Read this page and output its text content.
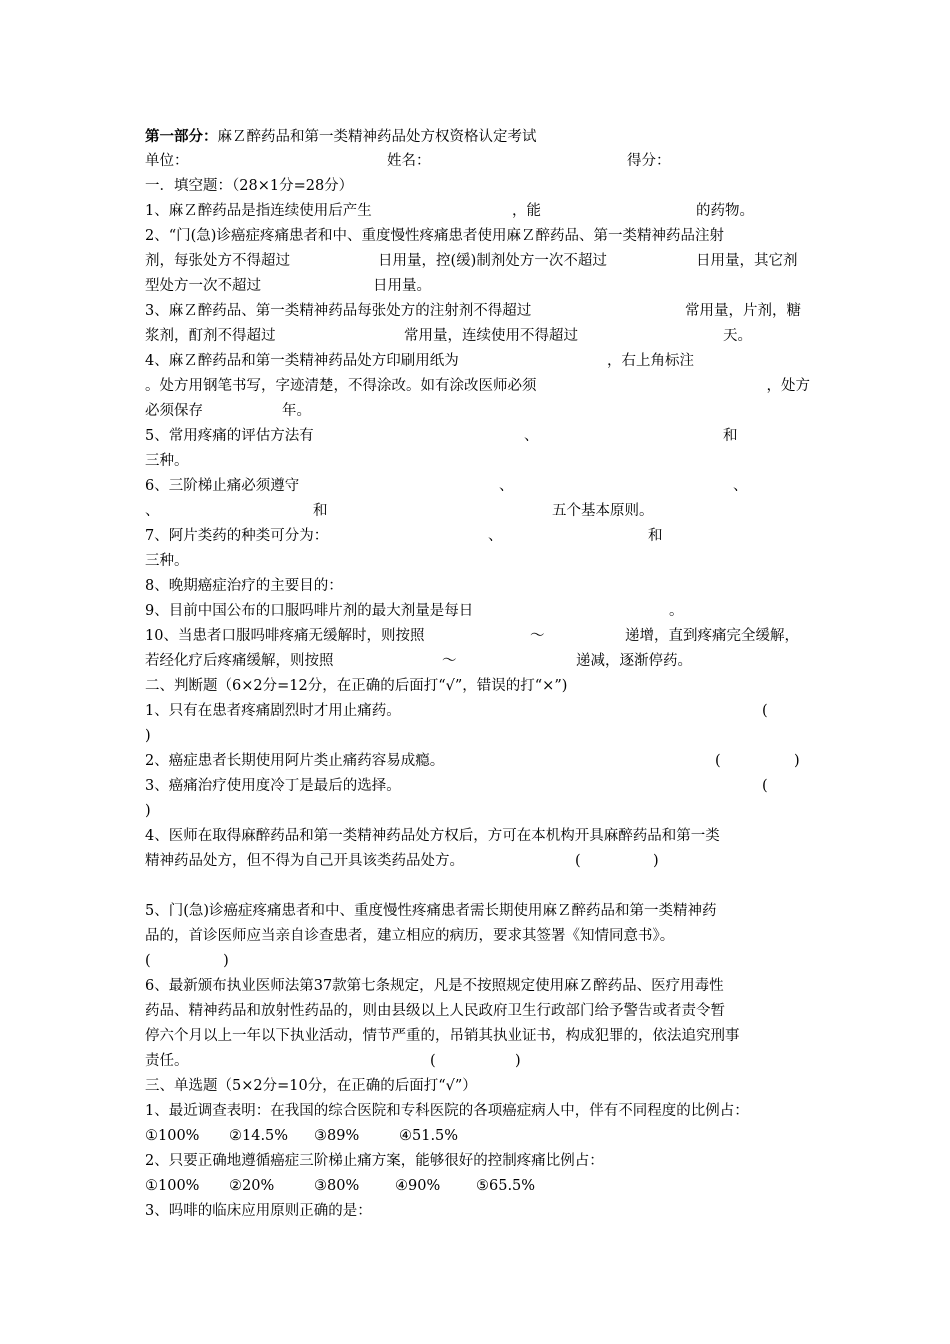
第一部分：麻Ｚ醉药品和第一类精神药品处方权资格认定考试
单位：	姓名：	得分：
一．填空题：（28×1分=28分）
1、麻Ｚ醉药品是指连续使用后产生	，能	的药物。
2、“门(急)诊癌症疼痛患者和中、重度慢性疼痛患者使用麻Ｚ醉药品、第一类精神药品注射
剂，每张处方不得超过	日用量，控(缓)制剂处方一次不超过	日用量，其它剂
型处方一次不超过	日用量。
3、麻Ｚ醉药品、第一类精神药品每张处方的注射剂不得超过	常用量，片剂，糖
浆剂，酊剂不得超过	常用量，连续使用不得超过	天。
4、麻Ｚ醉药品和第一类精神药品处方印刷用纸为	，右上角标注
。处方用钢笔书写，字迹清楚，不得涂改。如有涂改医师必须	，处方
必须保存	年。
5、常用疼痛的评估方法有	、	和
三种。
6、三阶梯止痛必须遵守	、	、
、	和	五个基本原则。
7、阿片类药的种类可分为：	、	和
三种。
8、晚期癌症治疗的主要目的：
9、目前中国公布的口服吗啡片剂的最大剂量是每日	。
10、当患者口服吗啡疼痛无缓解时，则按照	～	递增，直到疼痛完全缓解，
若经化疗后疼痛缓解，则按照	～	递减，逐渐停药。
二、判断题（6×2分=12分，在正确的后面打“√”，错误的打“×”)
1、只有在患者疼痛剧烈时才用止痛药。	(
)
2、癌症患者长期使用阿片类止痛药容易成瘾。	(	)
3、癌痛治疗使用度冷丁是最后的选择。	(
)
4、医师在取得麻醉药品和第一类精神药品处方权后，方可在本机构开具麻醉药品和第一类
精神药品处方，但不得为自己开具该类药品处方。	(	)
5、门(急)诊癌症疼痛患者和中、重度慢性疼痛患者需长期使用麻Ｚ醉药品和第一类精神药
品的，首诊医师应当亲自诊查患者，建立相应的病历，要求其签署《知情同意书》。
(　　　　　)
6、最新颁布执业医师法第37款第七条规定，凡是不按照规定使用麻Ｚ醉药品、医疗用毒性
药品、精神药品和放射性药品的，则由县级以上人民政府卫生行政部门给予警告或者责令暂
停六个月以上一年以下执业活动，情节严重的，吊销其执业证书，构成犯罪的，依法追究刑事
责任。	(	)
三、单选题（5×2分=10分，在正确的后面打“√”）
1、最近调查表明：在我国的综合医院和专科医院的各项癌症病人中，伴有不同程度的比例占：
①100% ②14.5% ③89%	④51.5%
2、只要正确地遵循癌症三阶梯止痛方案，能够很好的控制疼痛比例占：
①100% ②20%	③80% ④90% ⑤65.5%
3、吗啡的临床应用原则正确的是：
